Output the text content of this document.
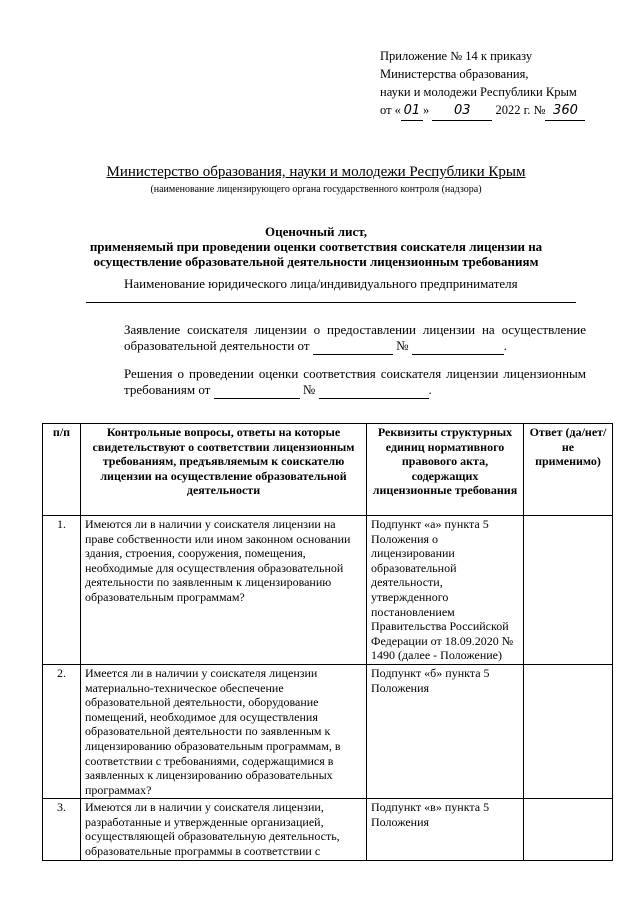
Приложение № 14 к приказу
Министерства образования,
науки и молодежи Республики Крым
от « 01 » 03 2022 г. № 360
Министерство образования, науки и молодежи Республики Крым
(наименование лицензирующего органа государственного контроля (надзора)
Оценочный лист,
применяемый при проведении оценки соответствия соискателя лицензии на
осуществление образовательной деятельности лицензионным требованиям
Наименование юридического лица/индивидуального предпринимателя
Заявление соискателя лицензии о предоставлении лицензии на осуществление образовательной деятельности от	№	.
Решения о проведении оценки соответствия соискателя лицензии лицензионным требованиям от	№	.
п/п	Контрольные вопросы, ответы на которые свидетельствуют о соответствии лицензионным требованиям, предъявляемым к соискателю лицензии на осуществление образовательной деятельности	Реквизиты структурных единиц нормативного правового акта, содержащих лицензионные требования	Ответ (да/нет/ не применимо)
1.	Имеются ли в наличии у соискателя лицензии на праве собственности или ином законном основании здания, строения, сооружения, помещения, необходимые для осуществления образовательной деятельности по заявленным к лицензированию образовательным программам?	Подпункт «а» пункта 5 Положения о лицензировании образовательной деятельности, утвержденного постановлением Правительства Российской Федерации от 18.09.2020 № 1490 (далее - Положение)	
2.	Имеется ли в наличии у соискателя лицензии материально-техническое обеспечение образовательной деятельности, оборудование помещений, необходимое для осуществления образовательной деятельности по заявленным к лицензированию образовательным программам, в соответствии с требованиями, содержащимися в заявленных к лицензированию образовательных программах?	Подпункт «б» пункта 5 Положения	
3.	Имеются ли в наличии у соискателя лицензии, разработанные и утвержденные организацией, осуществляющей образовательную деятельность, образовательные программы в соответствии с	Подпункт «в» пункта 5 Положения	
